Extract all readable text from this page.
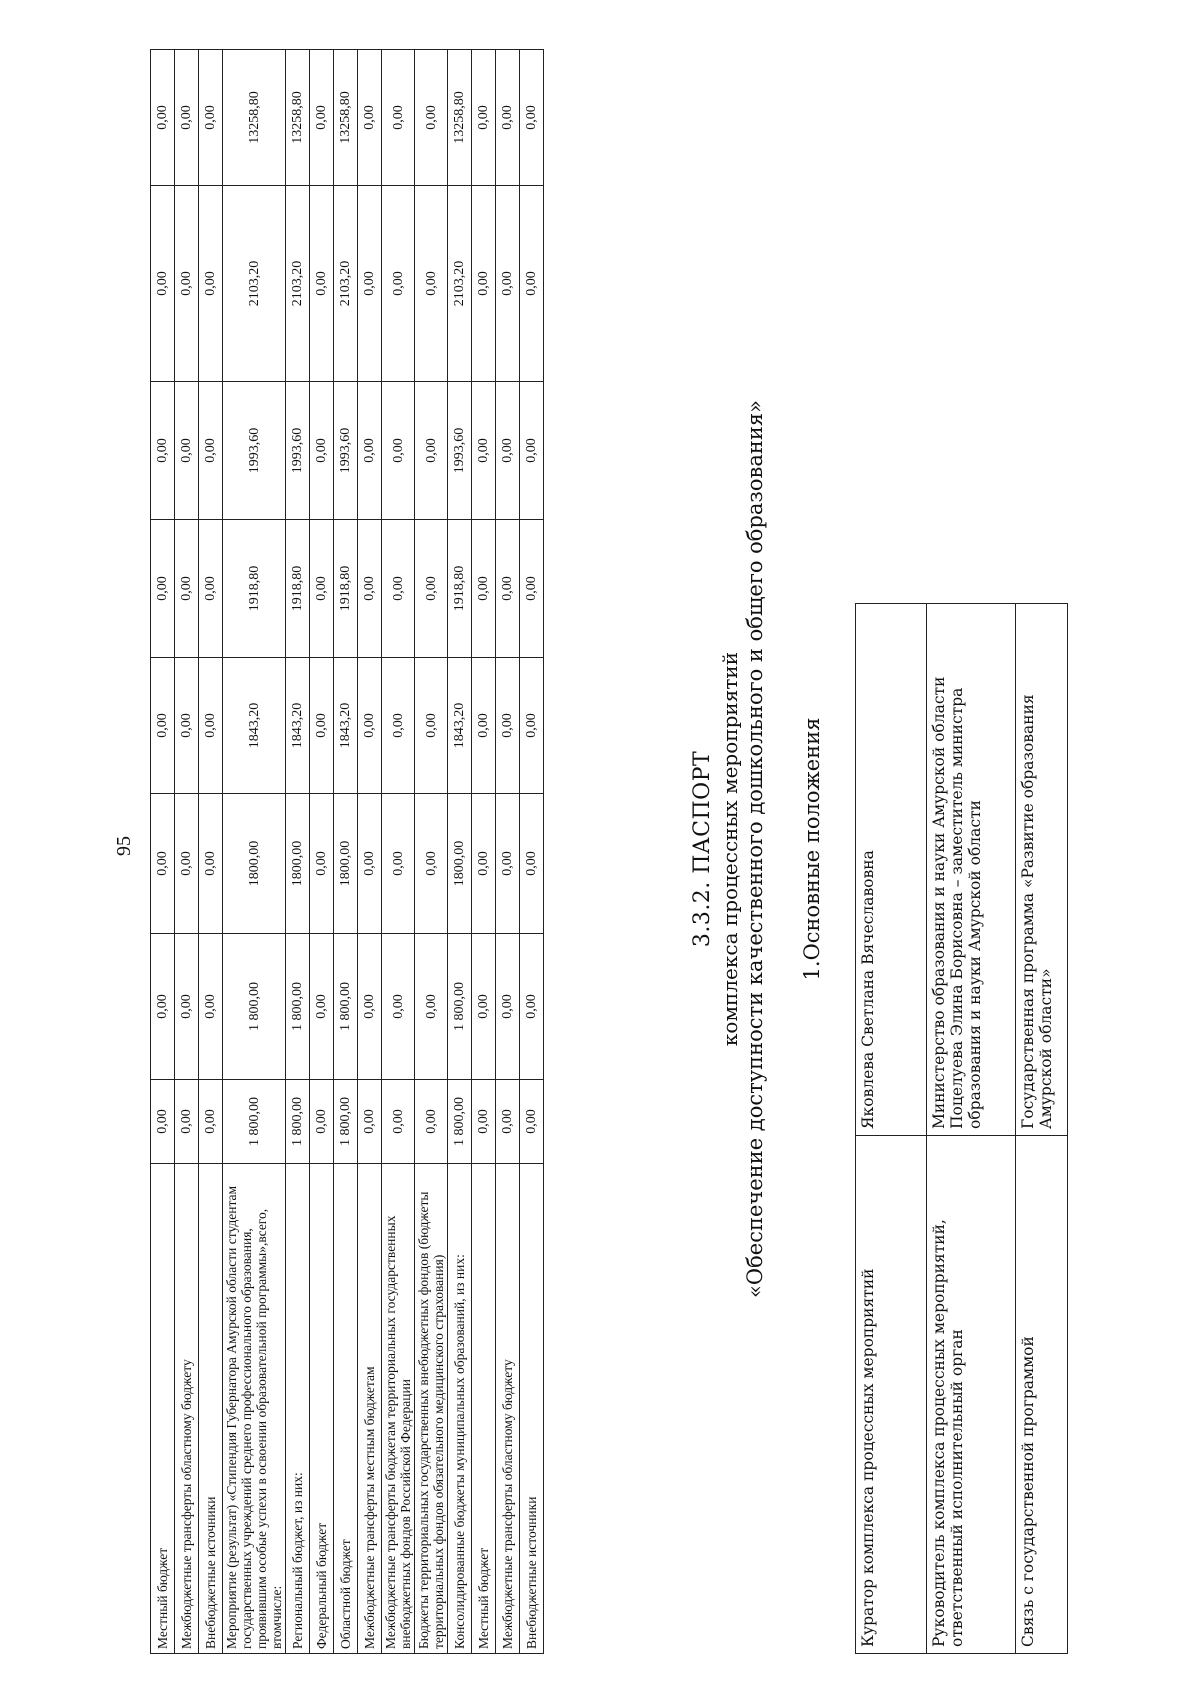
95
Местный бюджет	0,00	0,00	0,00	0,00	0,00	0,00	0,00	0,00
Межбюджетные трансферты областному бюджету	0,00	0,00	0,00	0,00	0,00	0,00	0,00	0,00
Внебюджетные источники	0,00	0,00	0,00	0,00	0,00	0,00	0,00	0,00
Мероприятие (результат) «Стипендия Губернатора Амурской области студентам государственных учреждений среднего профессионального образования, проявившим особые успехи в освоении образовательной программы»,всего, втомчисле:	1 800,00	1 800,00	1800,00	1843,20	1918,80	1993,60	2103,20	13258,80
Региональный бюджет, из них:	1 800,00	1 800,00	1800,00	1843,20	1918,80	1993,60	2103,20	13258,80
Федеральный бюджет	0,00	0,00	0,00	0,00	0,00	0,00	0,00	0,00
Областной бюджет	1 800,00	1 800,00	1800,00	1843,20	1918,80	1993,60	2103,20	13258,80
Межбюджетные трансферты местным бюджетам	0,00	0,00	0,00	0,00	0,00	0,00	0,00	0,00
Межбюджетные трансферты бюджетам территориальных государственных внебюджетных фондов Российской Федерации	0,00	0,00	0,00	0,00	0,00	0,00	0,00	0,00
Бюджеты территориальных государственных внебюджетных фондов (бюджеты территориальных фондов обязательного медицинского страхования)	0,00	0,00	0,00	0,00	0,00	0,00	0,00	0,00
Консолидированные бюджеты муниципальных образований, из них:	1 800,00	1 800,00	1800,00	1843,20	1918,80	1993,60	2103,20	13258,80
Местный бюджет	0,00	0,00	0,00	0,00	0,00	0,00	0,00	0,00
Межбюджетные трансферты областному бюджету	0,00	0,00	0,00	0,00	0,00	0,00	0,00	0,00
Внебюджетные источники	0,00	0,00	0,00	0,00	0,00	0,00	0,00	0,00
3.3.2. ПАСПОРТ комплекса процессных мероприятий «Обеспечение доступности качественного дошкольного и общего образования» 1.Основные положения
Куратор комплекса процессных мероприятий	Яковлева Светлана Вячеславовна
Руководитель комплекса процессных мероприятий, ответственный исполнительный орган	Министерство образования и науки Амурской области Поцелуева Элина Борисовна – заместитель министра образования и науки Амурской области
Связь с государственной программой	Государственная программа «Развитие образования Амурской области»
